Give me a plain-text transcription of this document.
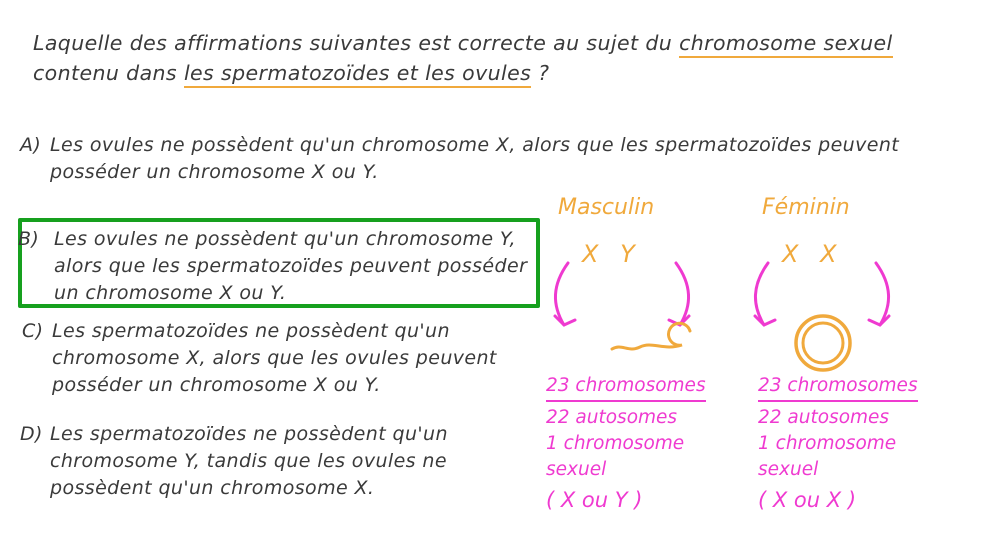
Laquelle des affirmations suivantes est correcte au sujet du chromosome sexuel
contenu dans les spermatozoïdes et les ovules ?
A) Les ovules ne possèdent qu'un chromosome X, alors que les spermatozoïdes peuvent posséder un chromosome X ou Y.
B) Les ovules ne possèdent qu'un chromosome Y, alors que les spermatozoïdes peuvent posséder un chromosome X ou Y.
C) Les spermatozoïdes ne possèdent qu'un chromosome X, alors que les ovules peuvent posséder un chromosome X ou Y.
D) Les spermatozoïdes ne possèdent qu'un chromosome Y, tandis que les ovules ne possèdent qu'un chromosome X.
Masculin	Féminin
X Y	X X
23 chromosomes
22 autosomes
1 chromosome
sexuel
( X ou Y )
23 chromosomes
22 autosomes
1 chromosome
sexuel
( X ou X )
